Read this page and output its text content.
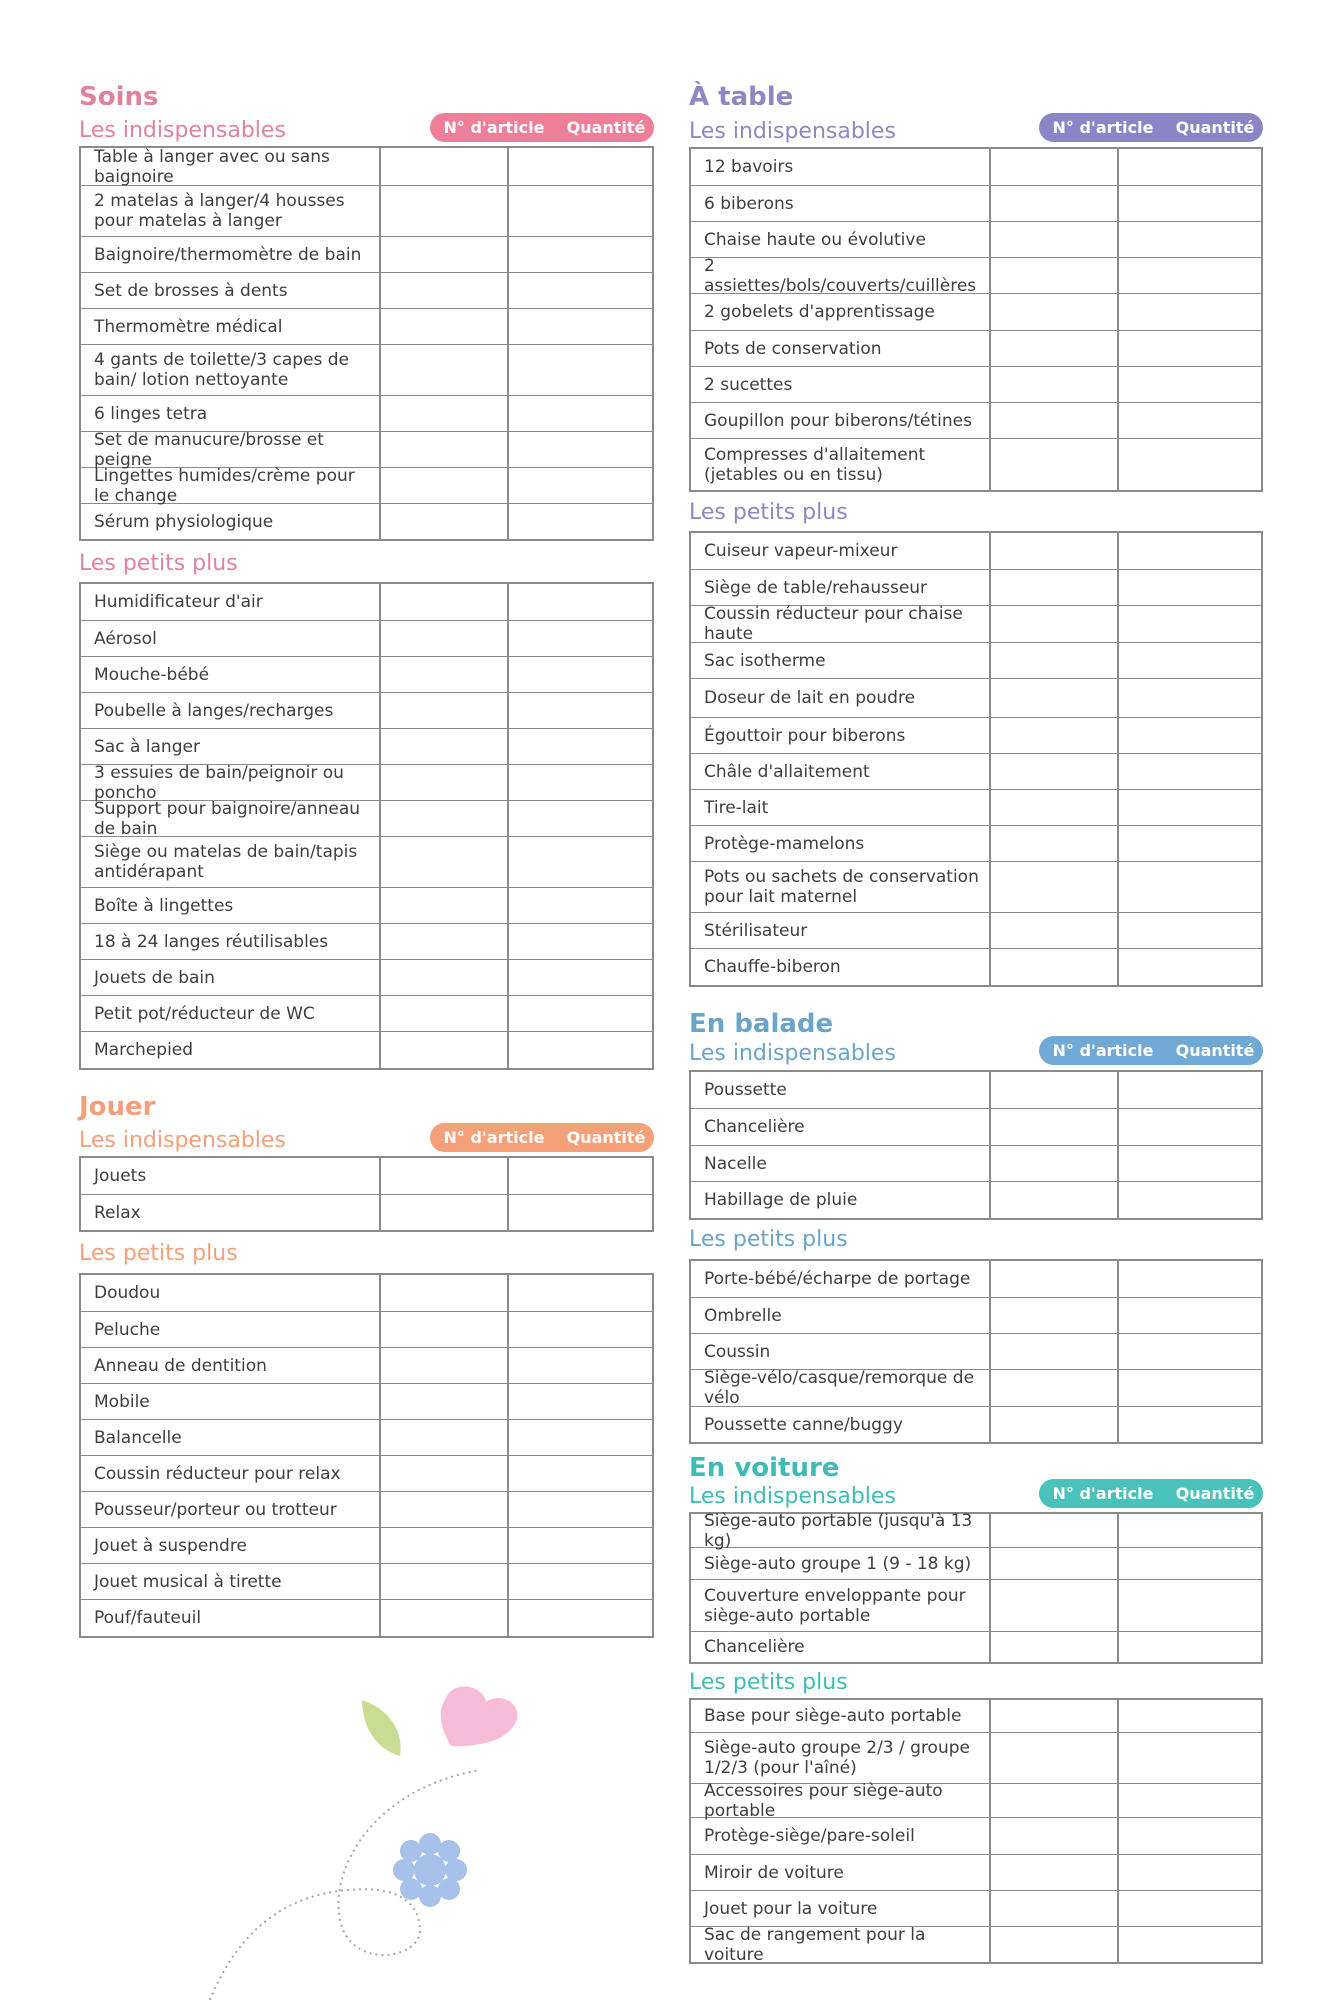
Soins
Les indispensables	N° d'article	Quantité
Table à langer avec ou sans baignoire
2 matelas à langer/4 housses pour matelas à langer
Baignoire/thermomètre de bain
Set de brosses à dents
Thermomètre médical
4 gants de toilette/3 capes de bain/ lotion nettoyante
6 linges tetra
Set de manucure/brosse et peigne
Lingettes humides/crème pour le change
Sérum physiologique
Les petits plus
Humidificateur d'air
Aérosol
Mouche-bébé
Poubelle à langes/recharges
Sac à langer
3 essuies de bain/peignoir ou poncho
Support pour baignoire/anneau de bain
Siège ou matelas de bain/tapis antidérapant
Boîte à lingettes
18 à 24 langes réutilisables
Jouets de bain
Petit pot/réducteur de WC
Marchepied
Jouer
Les indispensables	N° d'article	Quantité
Jouets
Relax
Les petits plus
Doudou
Peluche
Anneau de dentition
Mobile
Balancelle
Coussin réducteur pour relax
Pousseur/porteur ou trotteur
Jouet à suspendre
Jouet musical à tirette
Pouf/fauteuil
À table
Les indispensables	N° d'article	Quantité
12 bavoirs
6 biberons
Chaise haute ou évolutive
2 assiettes/bols/couverts/cuillères
2 gobelets d'apprentissage
Pots de conservation
2 sucettes
Goupillon pour biberons/tétines
Compresses d'allaitement (jetables ou en tissu)
Les petits plus
Cuiseur vapeur-mixeur
Siège de table/rehausseur
Coussin réducteur pour chaise haute
Sac isotherme
Doseur de lait en poudre
Égouttoir pour biberons
Châle d'allaitement
Tire-lait
Protège-mamelons
Pots ou sachets de conservation pour lait maternel
Stérilisateur
Chauffe-biberon
En balade
Les indispensables	N° d'article	Quantité
Poussette
Chancelière
Nacelle
Habillage de pluie
Les petits plus
Porte-bébé/écharpe de portage
Ombrelle
Coussin
Siège-vélo/casque/remorque de vélo
Poussette canne/buggy
En voiture
Les indispensables	N° d'article	Quantité
Siège-auto portable (jusqu'à 13 kg)
Siège-auto groupe 1 (9 - 18 kg)
Couverture enveloppante pour siège-auto portable
Chancelière
Les petits plus
Base pour siège-auto portable
Siège-auto groupe 2/3 / groupe 1/2/3 (pour l'aîné)
Accessoires pour siège-auto portable
Protège-siège/pare-soleil
Miroir de voiture
Jouet pour la voiture
Sac de rangement pour la voiture
